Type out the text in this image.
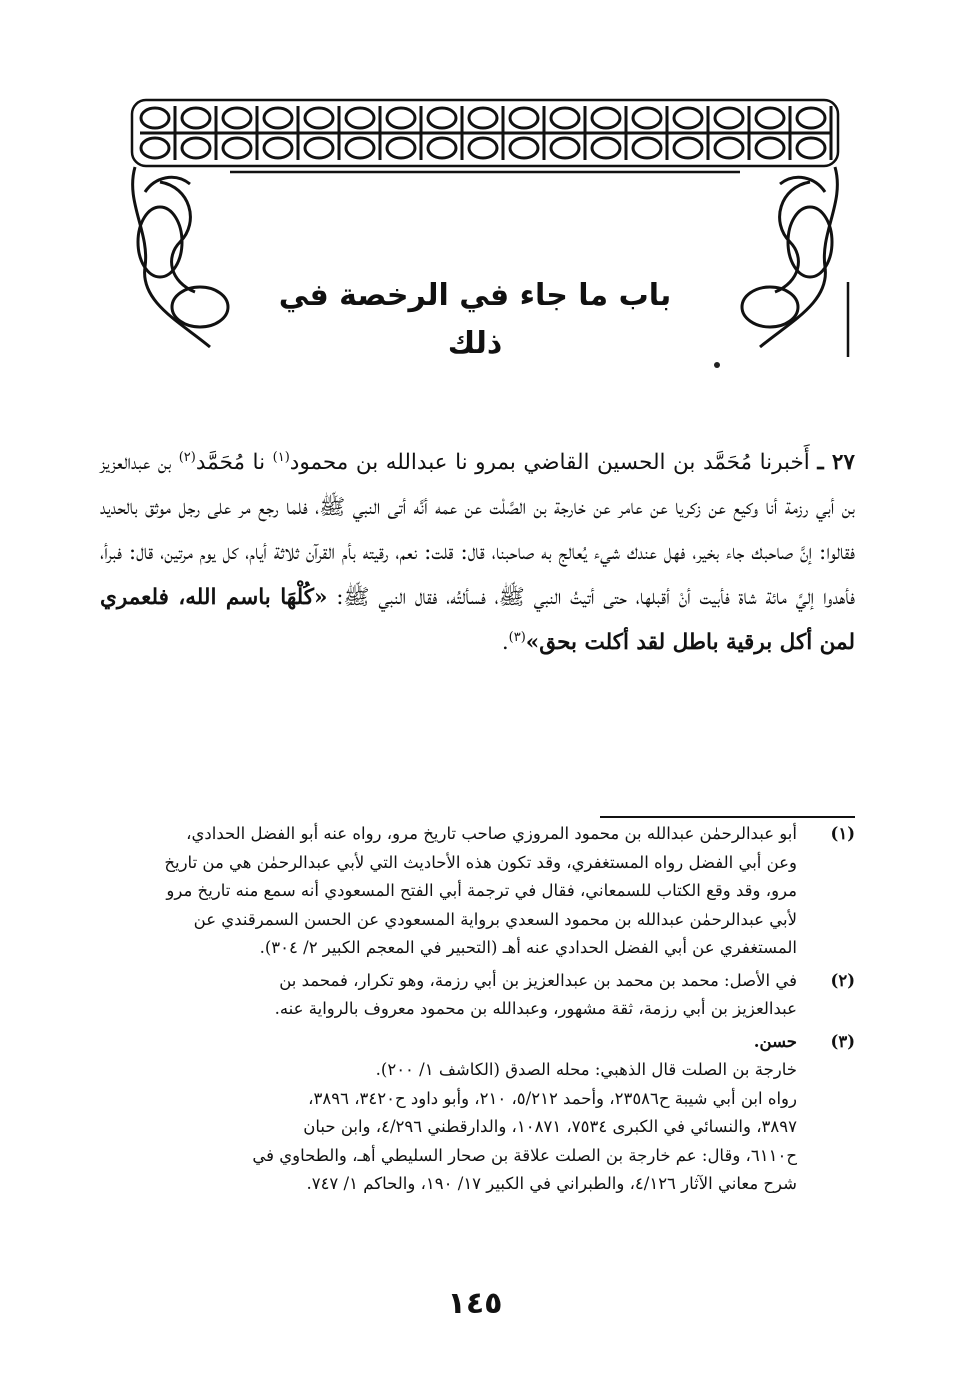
باب ما جاء في الرخصة في ذلك
٢٧ ـ أَخبرنا مُحَمَّد بن الحسين القاضي بمرو نا عبدالله بن محمود$^{(١)}$ نا مُحَمَّد$^{(٢)}$ بن عبدالعزيز بن أبي رزمة أنا وكيع عن زكريا عن عامر عن خارجة بن الصَّلْت عن عمه أنَّه أتى النبي ﷺ، فلما رجع مر على رجل موثق بالحديد فقالوا: إنَّ صاحبك جاء بخير، فهل عندك شيء يُعالج به صاحبنا، قال: قلت: نعم، رقيته بأم القرآن ثلاثة أيام، كل يوم مرتين، قال: فبرأ، فأهدوا إليَّ مائة شاة فأبيت أنْ أقبلها، حتى أتيتُ النبي ﷺ، فسألتُه، فقال النبي ﷺ: «كُلْهَا باسم الله، فلعمري لمن أكل برقية باطل لقد أكلت بحق»$^{(٣)}$.
(١)
أبو عبدالرحمٰن عبدالله بن محمود المروزي صاحب تاريخ مرو، رواه عنه أبو الفضل الحدادي،
وعن أبي الفضل رواه المستغفري، وقد تكون هذه الأحاديث التي لأبي عبدالرحمٰن هي من تاريخ
مرو، وقد وقع الكتاب للسمعاني، فقال في ترجمة أبي الفتح المسعودي أنه سمع منه تاريخ مرو
لأبي عبدالرحمٰن عبدالله بن محمود السعدي برواية المسعودي عن الحسن السمرقندي عن
المستغفري عن أبي الفضل الحدادي عنه أهـ (التحبير في المعجم الكبير ٢/ ٣٠٤).
(٢)
في الأصل: محمد بن محمد بن عبدالعزيز بن أبي رزمة، وهو تكرار، فمحمد بن
عبدالعزيز بن أبي رزمة، ثقة مشهور، وعبدالله بن محمود معروف بالرواية عنه.
(٣)
حسن.
خارجة بن الصلت قال الذهبي: محله الصدق (الكاشف ١/ ٢٠٠).
رواه ابن أبي شيبة ح٢٣٥٨٦، وأحمد ٥/٢١٢، ٢١٠، وأبو داود ح٣٤٢٠، ٣٨٩٦،
٣٨٩٧، والنسائي في الكبرى ٧٥٣٤، ١٠٨٧١، والدارقطني ٤/٢٩٦، وابن حبان
ح٦١١٠، وقال: عم خارجة بن الصلت علاقة بن صحار السليطي أهـ، والطحاوي في
شرح معاني الآثار ٤/١٢٦، والطبراني في الكبير ١٧/ ١٩٠، والحاكم ١/ ٧٤٧.
١٤٥
